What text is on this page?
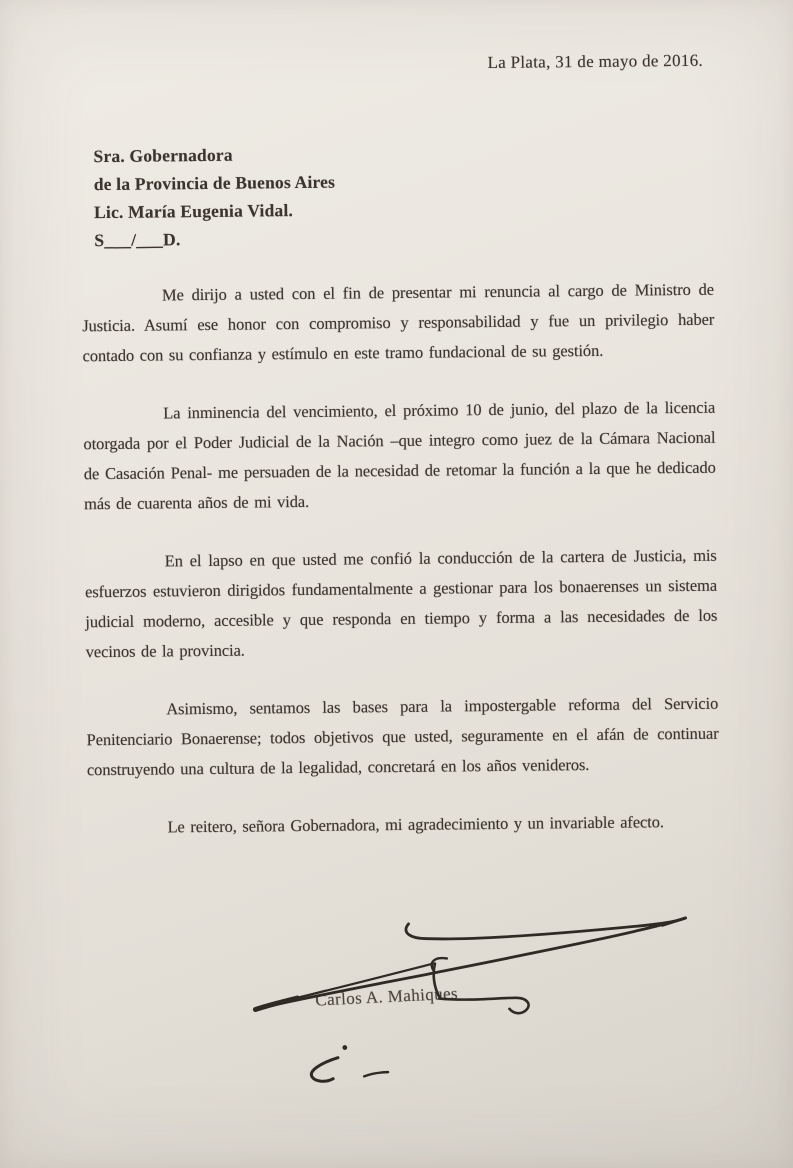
La Plata, 31 de mayo de 2016.
Sra. Gobernadora
de la Provincia de Buenos Aires
Lic. María Eugenia Vidal.
S___/___D.

Me dirijo a usted con el fin de presentar mi renuncia al cargo de Ministro de Justicia. Asumí ese honor con compromiso y responsabilidad y fue un privilegio haber contado con su confianza y estímulo en este tramo fundacional de su gestión.

La inminencia del vencimiento, el próximo 10 de junio, del plazo de la licencia otorgada por el Poder Judicial de la Nación –que integro como juez de la Cámara Nacional de Casación Penal- me persuaden de la necesidad de retomar la función a la que he dedicado más de cuarenta años de mi vida.

En el lapso en que usted me confió la conducción de la cartera de Justicia, mis esfuerzos estuvieron dirigidos fundamentalmente a gestionar para los bonaerenses un sistema judicial moderno, accesible y que responda en tiempo y forma a las necesidades de los vecinos de la provincia.

Asimismo, sentamos las bases para la impostergable reforma del Servicio Penitenciario Bonaerense; todos objetivos que usted, seguramente en el afán de continuar construyendo una cultura de la legalidad, concretará en los años venideros.

Le reitero, señora Gobernadora, mi agradecimiento y un invariable afecto.

Carlos A. Mahiques
